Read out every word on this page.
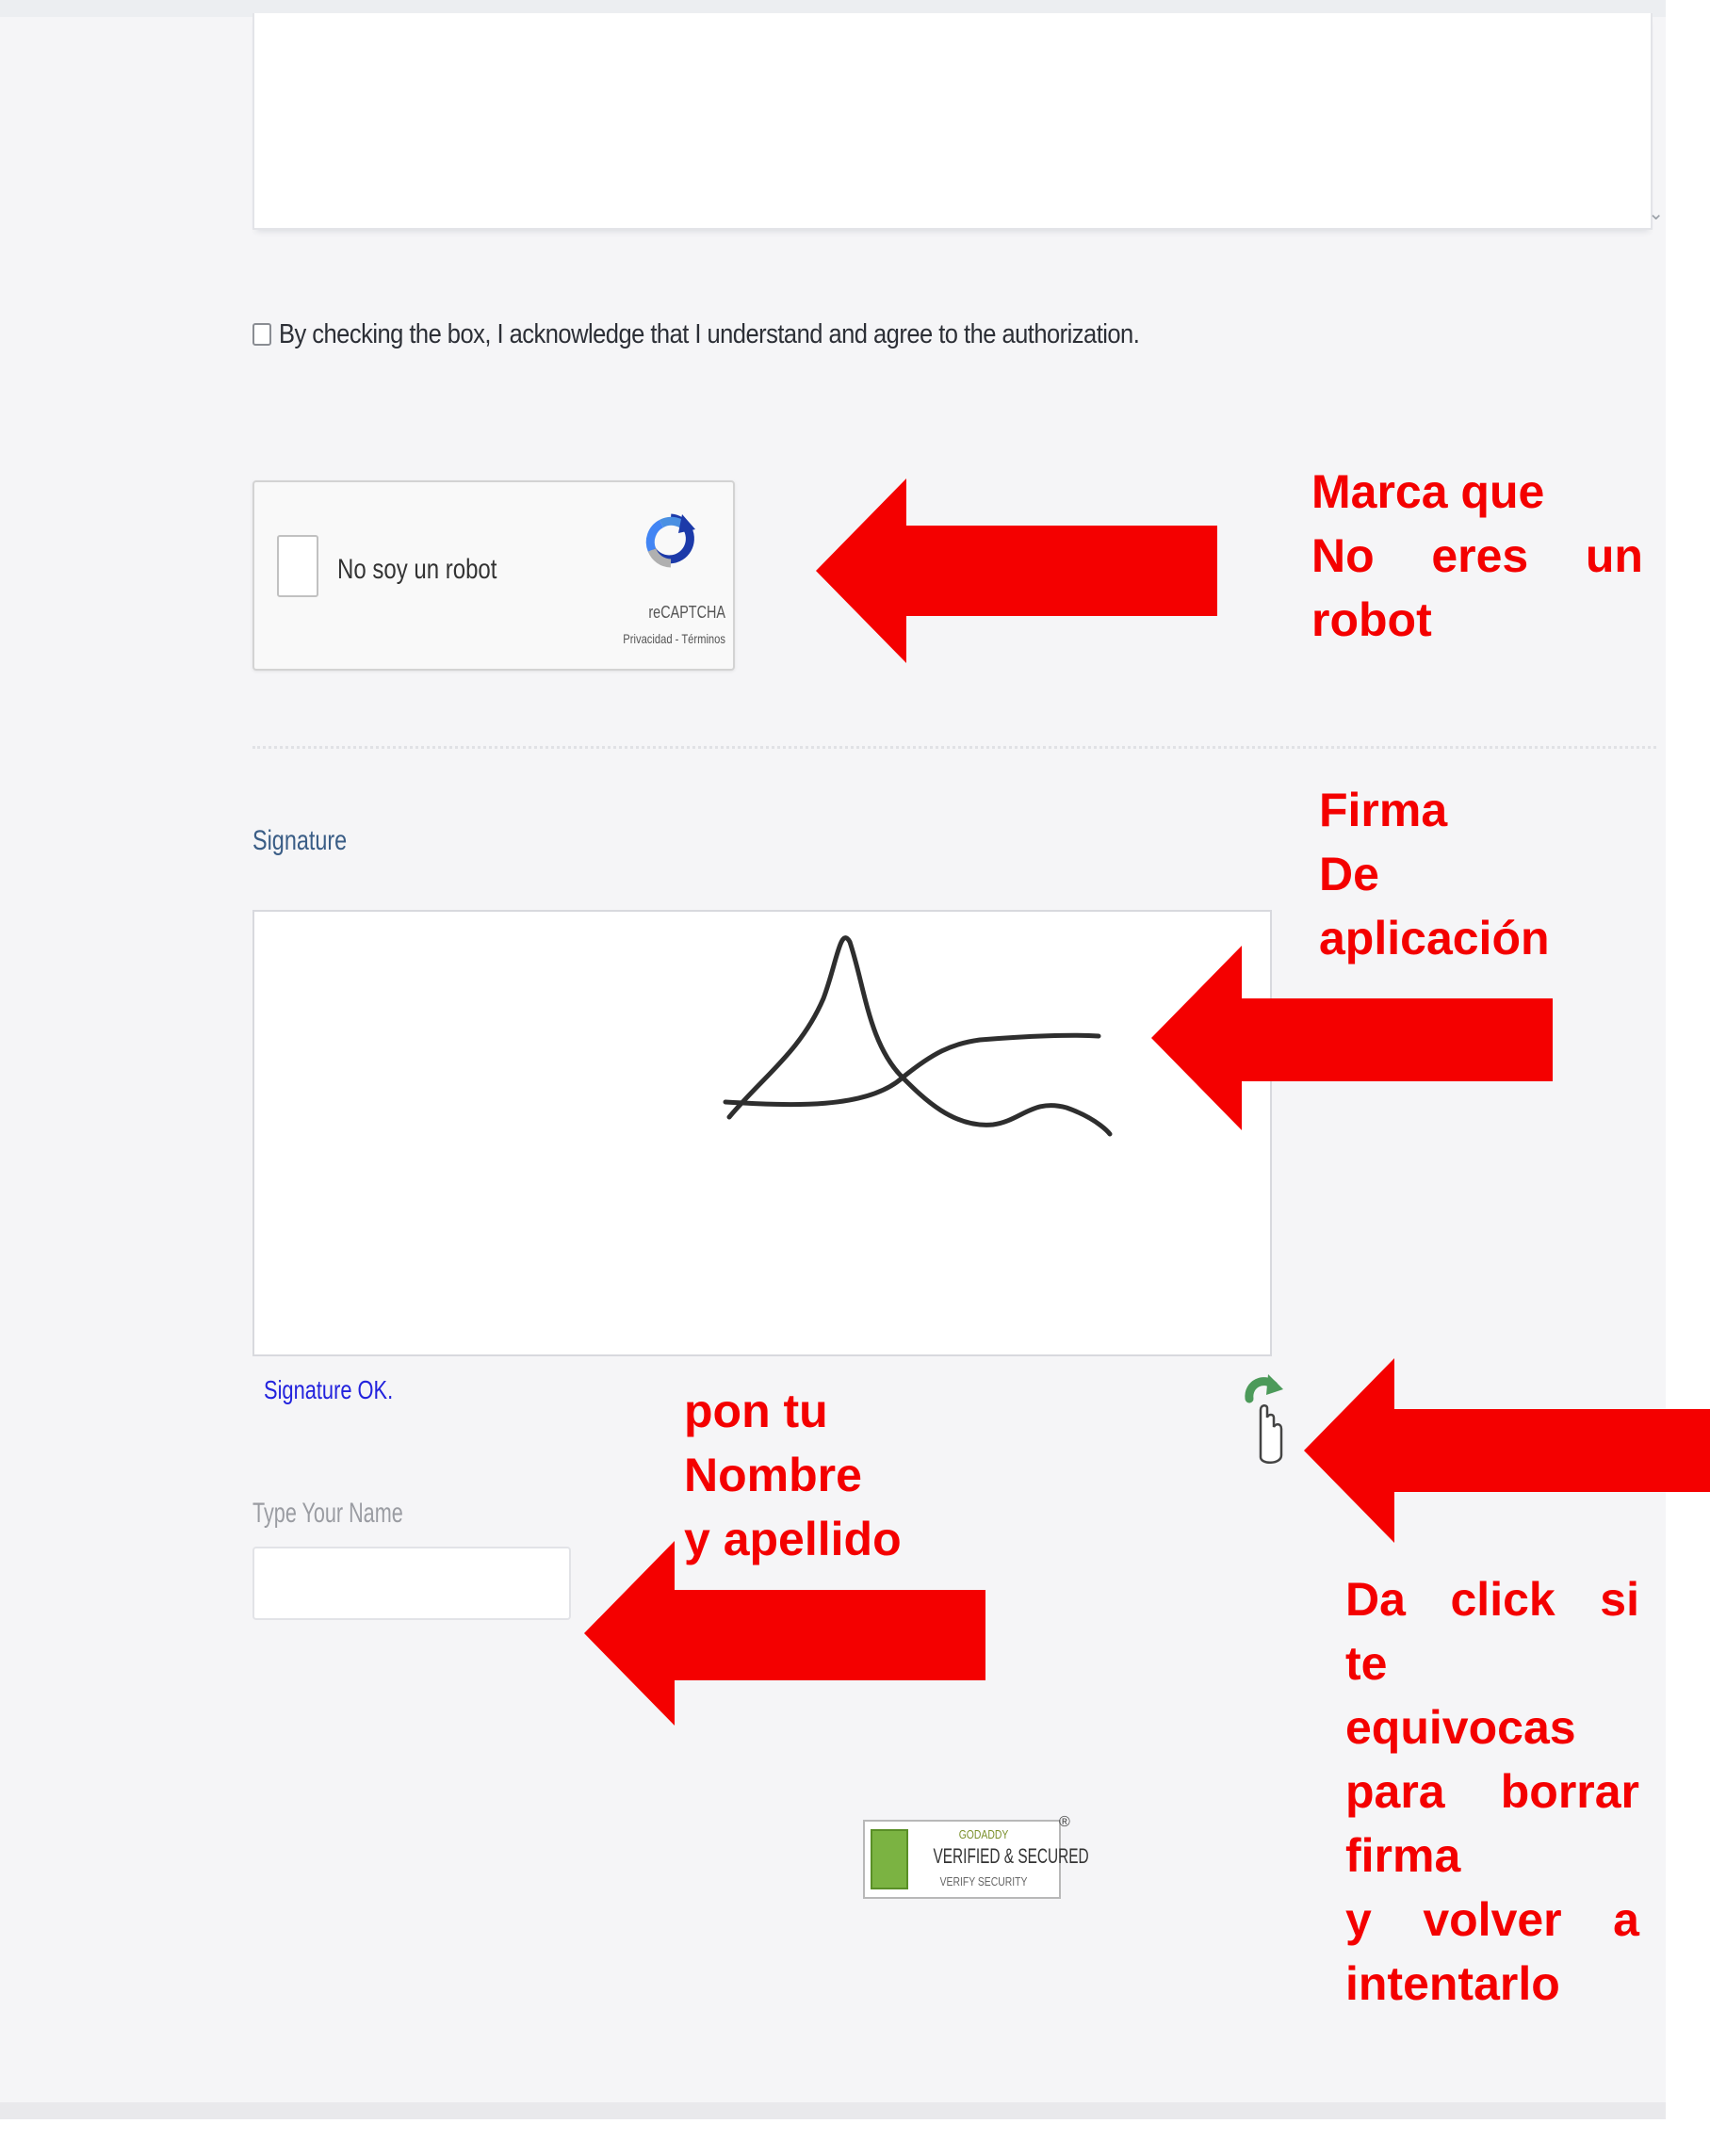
⌄
By checking the box, I acknowledge that I understand and agree to the authorization.
No soy un robot
reCAPTCHA
Privacidad - Términos
Signature
Signature OK.
Type Your Name
GODADDY
VERIFIED & SECURED
VERIFY SECURITY
®
Marca que
No eres un
robot
Firma
De
aplicación
pon tu
Nombre
y apellido
Da click si
te
equivocas
para borrar
firma
y volver a
intentarlo
